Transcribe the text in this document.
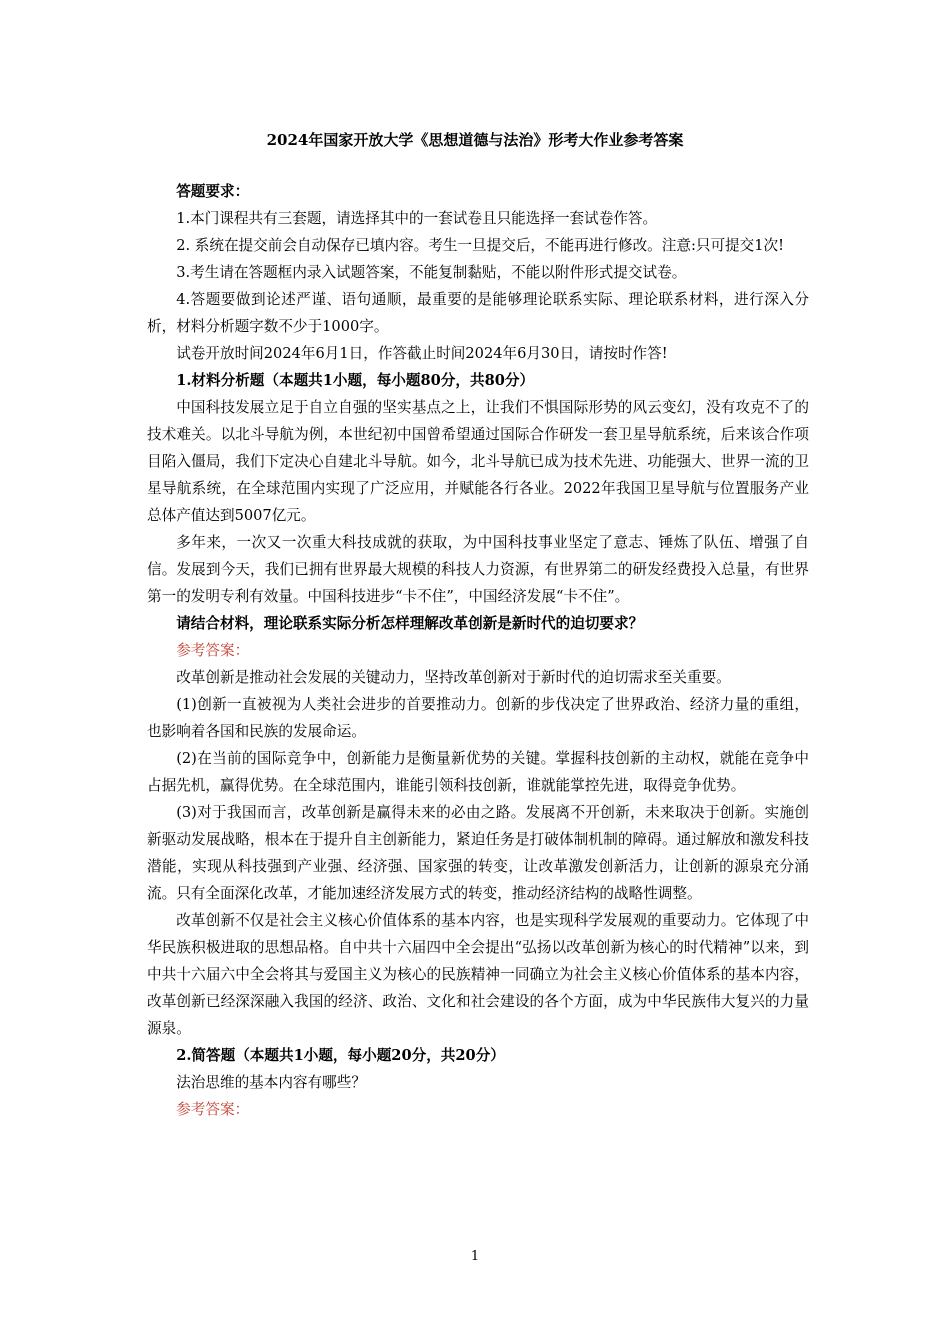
2024年国家开放大学《思想道德与法治》形考大作业参考答案

答题要求：

1.本门课程共有三套题，请选择其中的一套试卷且只能选择一套试卷作答。

2. 系统在提交前会自动保存已填内容。考生一旦提交后，不能再进行修改。注意:只可提交1次!

3.考生请在答题框内录入试题答案，不能复制黏贴，不能以附件形式提交试卷。

4.答题要做到论述严谨、语句通顺，最重要的是能够理论联系实际、理论联系材料，进行深入分析，材料分析题字数不少于1000字。

试卷开放时间2024年6月1日，作答截止时间2024年6月30日，请按时作答!

1.材料分析题（本题共1小题，每小题80分，共80分）

中国科技发展立足于自立自强的坚实基点之上，让我们不惧国际形势的风云变幻，没有攻克不了的技术难关。以北斗导航为例，本世纪初中国曾希望通过国际合作研发一套卫星导航系统，后来该合作项目陷入僵局，我们下定决心自建北斗导航。如今，北斗导航已成为技术先进、功能强大、世界一流的卫星导航系统，在全球范围内实现了广泛应用，并赋能各行各业。2022年我国卫星导航与位置服务产业总体产值达到5007亿元。

多年来，一次又一次重大科技成就的获取，为中国科技事业坚定了意志、锤炼了队伍、增强了自信。发展到今天，我们已拥有世界最大规模的科技人力资源，有世界第二的研发经费投入总量，有世界第一的发明专利有效量。中国科技进步“卡不住”，中国经济发展“卡不住”。

请结合材料，理论联系实际分析怎样理解改革创新是新时代的迫切要求？

参考答案：

改革创新是推动社会发展的关键动力，坚持改革创新对于新时代的迫切需求至关重要。

(1)创新一直被视为人类社会进步的首要推动力。创新的步伐决定了世界政治、经济力量的重组，也影响着各国和民族的发展命运。

(2)在当前的国际竞争中，创新能力是衡量新优势的关键。掌握科技创新的主动权，就能在竞争中占据先机，赢得优势。在全球范围内，谁能引领科技创新，谁就能掌控先进，取得竞争优势。

(3)对于我国而言，改革创新是赢得未来的必由之路。发展离不开创新，未来取决于创新。实施创新驱动发展战略，根本在于提升自主创新能力，紧迫任务是打破体制机制的障碍。通过解放和激发科技潜能，实现从科技强到产业强、经济强、国家强的转变，让改革激发创新活力，让创新的源泉充分涌流。只有全面深化改革，才能加速经济发展方式的转变，推动经济结构的战略性调整。

改革创新不仅是社会主义核心价值体系的基本内容，也是实现科学发展观的重要动力。它体现了中华民族积极进取的思想品格。自中共十六届四中全会提出“弘扬以改革创新为核心的时代精神”以来，到中共十六届六中全会将其与爱国主义为核心的民族精神一同确立为社会主义核心价值体系的基本内容，改革创新已经深深融入我国的经济、政治、文化和社会建设的各个方面，成为中华民族伟大复兴的力量源泉。

2.简答题（本题共1小题，每小题20分，共20分）

法治思维的基本内容有哪些？

参考答案：

1
